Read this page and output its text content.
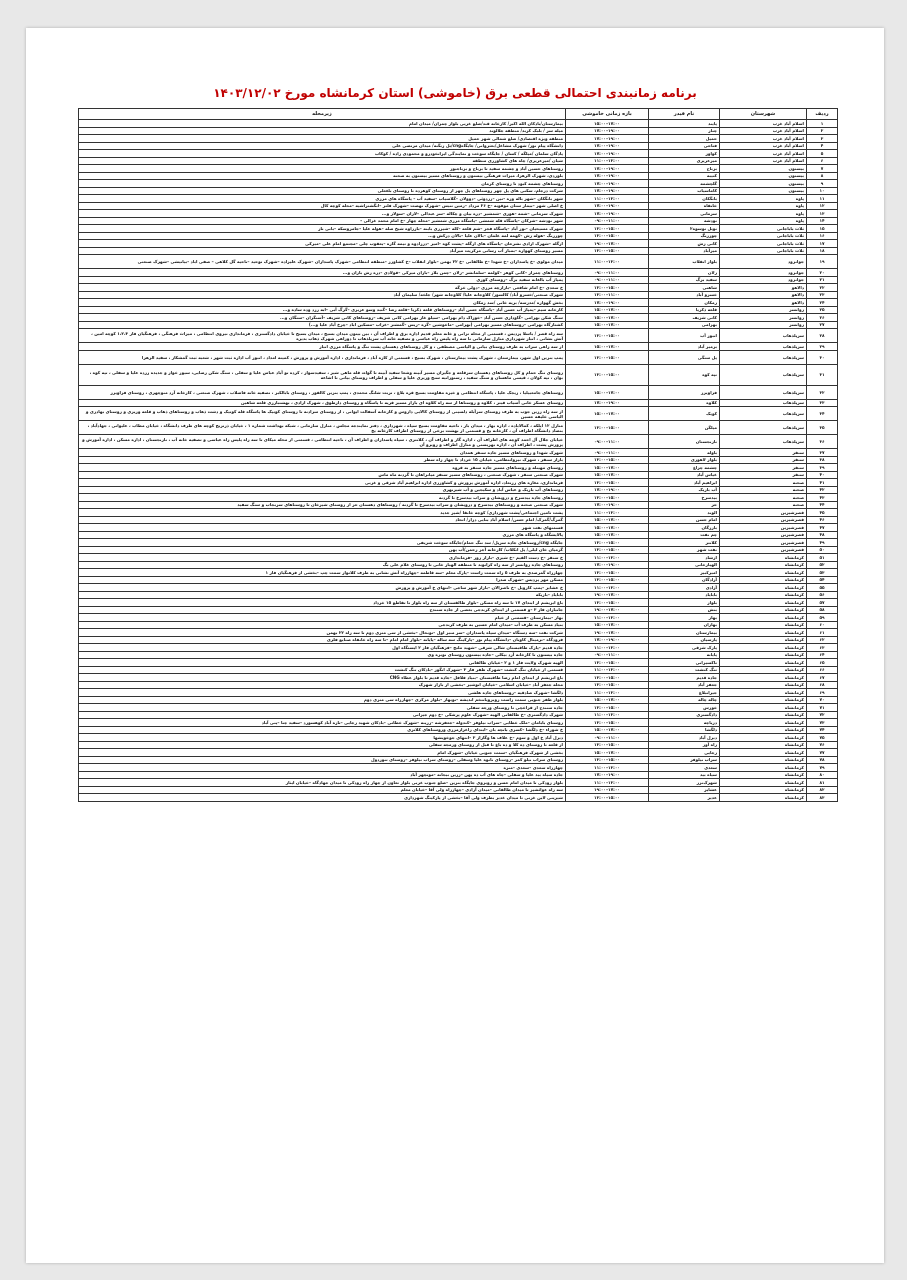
برنامه زمانبندی احتمالی قطعی برق (خاموشی) استان کرمانشاه مورخ ۱۴۰۳/۱۲/۰۲
ردیف	شهرستان	نام فیدر	بازه زمانی خاموشی	زیرمحله
۱	اسلام آباد غرب	پایند	۱۵:۰۰–۱۷:۰۰	بیمارستان/بادکان الله اکبر/ کارخانه قند/ضلع غربی بلوار چمران/ میدان امام
۲	اسلام آباد غرب	چنار	۱۷:۰۰–۱۹:۰۰	میله سر / بلبک کرند/ منطقه جلالوند
۳	اسلام آباد غرب	حمیل	۱۷:۰۰–۱۹:۰۰	منطقه ویژه اقتصادی/ ضلع شمالی شهر حمیل
۴	اسلام آباد غرب	فتاحی	۱۷:۰۰–۱۹:۰۰	دانشگاه پیام نور/ شهرک مشاغل/بعثروانی/ جایگاهcng/بل رنگنه/ میدان مرتضی علی
۵	اسلام آباد غرب	کواور	۱۷:۰۰–۱۹:۰۰	پادگان سلمان /میلگه / کسان / جایگاه سوخت و نمایندگی ایرانخودرو و محمودی زاده / کوکاب
۶	اسلام آباد غرب	میرعزیزی	۱۱:۰۰–۱۳:۰۰	شیان /میرعزیزی/ چاه های کشاورزی منطقه
۷	بیستون	برناج	۱۷:۰۰–۱۹:۰۰	روستاهای حسین آباد و چشمه سفید تا برناج و برناجبور
۸	بیستون	کتیبه	۱۷:۰۰–۱۹:۰۰	بلوردی، شهرک الزهرا، میرات فرهنگی بیستون و روستاهای مسیر بیستون به صحنه
۹	بیستون	گلچشمه	۱۷:۰۰–۱۹:۰۰	روستاهای چشمه کبود تا روستای کرمان
۱۰	بیستون	کاماسیاب	۱۷:۰۰–۱۹:۰۰	شرکت درجام، سکنی های پل چهر روستاهای پل چهر از روستای کوهرده تا روستای بلغعلی
۱۱	پاوه	بانگکان	۱۱:۰۰–۱۳:۰۰	شهر بانگکان –شهر باله وره –تین –زردوئی –دوولان –گلاسیاب –سفید آب – پاسگاه های مرزی
۱۲	پاوه	خانقاه	۱۷:۰۰–۱۹:۰۰	خ اصلی شهر –بیمار ستان موقوبه –خ ۲۶ مرداد –زمین تنیس –شهرک نهضت –شهرک فلتر –انگشتراشیه –محله کوچه کال
۱۳	پاوه	سرمانی	۱۷:۰۰–۱۹:۰۰	شهرک سرمانی –شمه –هوری –شمشیر –دره بیان و چکاله –سر عبدالی –لاران –سولار و...
۱۴	پاوه	نودشه	۰۹:۰۰–۱۱:۰۰	شهر نودشه –شرکان –پاسگاه قله شمشی –پاسگاه مرزی شمشیر –محله چهار –خ امام محمد غزالی –
۱۵	ثلاث باباجانی	نوبل توسوه۲	۱۳:۰۰–۱۵:۰۰	شهرک مسیحیان –نور آباد –پاسگاه فجر –شم قلعه –کله –شیرزی بابنه –بارزاوه شیخ صله –هوله علیا –جامروسکه –بانی نار
۱۶	ثلاث باباجانی	چورزنگ	۱۳:۰۰–۱۵:۰۰	چورزنگ –هوله رش –کهمه لمه غلمان –بالان علیا –بالان درکش و...
۱۷	ثلاث باباجانی	کانی رش	۱۹:۰۰–۱۷:۰۰	ازگله –شهرک ازادی نشرحان –پاسگاه های ازگله –پشت کوه –امیر –درزادوه و تیمه گاره –یعقوب چلی –مجتمع امام علی –میرکی
۱۸	ثلاث باباجانی	میرآباد	۱۳:۰۰–۱۵:۰۰	مسیر روستای کهواره –بمباز آب رسانی مرکزیت میرآباد
۱۹	جوانرود	بلوار انقلاب	۱۱:۰۰–۱۳:۰۰	میدان مولوی –خ پاسداران –خ شهدا –خ طالقانی –خ ۲۲ بهمن –بلوار انقلاب –خ کشاورز –منطقه انتظامی –شهرک پاسداران –شهرک علیزاده –شهرک توحید –ناحیه گل کلاهی – صفی اباد –بیانیشی –شهرک صنعتی
۲۰	جوانرود	زلان	۰۹:۰۰–۱۱:۰۰	روستاهای چمزار –کانی کوهر –کولمه –سلمانشر –زلان –چمن بلاز –باران میرکی –قولادی –دره رش باران و...
۲۱	جوانرود	سفید برگ	۰۹:۰۰–۱۱:۰۰	پمپاژ آب بالغانه سفید برگ –روستای کوری
۲۲	دالاهو	شاهنی	۱۳:۰۰–۱۵:۰۰	خ سعدی –خ امام شافعی –بازارچه مرزی –دولی خرگه
۲۳	دالاهو	خسرو آباد	۱۳:۰۰–۱۱:۰۰	شهرک صنعتی/خسرو آباد/ کالسور/ کلاوجانه علیا/ کلاوجانه شهر/ جلخه/ سلیمان آباد
۲۴	دالاهو	زمکان	۱۷:۰۰–۱۹:۰۰	بخش گهواره /مدرسه/ بریه خانی /سد زمکان
۲۵	روانسر	قلعه ذکریا	۱۵:۰۰–۱۷:۰۰	کارخانه سیم –پمپاژ آب حسن آباد –پاسگاه حسن آباد –روستاهای قلعه ذکریا –قلعه رضا –گنبد وسو عزیزی –گرگ آبی –ابه زرد وده ساده و...
۲۶	روانسر	کانی شریف	۱۵:۰۰–۱۷:۰۰	سنگ شکن بهرامی –گاوداری حسن آباد –خوراک دام بهرامی –سیلو غار بهرامی کانی شریف –روستاهای کانی شریف –آسنگران –سنگان و...
۲۷	روانسر	بهرامی	۱۵:۰۰–۱۷:۰۰	کشتارگاه بهرامی –روستاهای مسیر بهرامی (بهرامی –ماخوشین –گره –ریس –گمشتر –غراب –مسکین اباد –چرخ آباد علیا و...)
۲۸	سرپلذهاب	انبور آب	۱۳:۰۰–۱۵:۰۰	سه راه قصر / باسلا پردیس ، قسمتی از محله ترانی و خانه معلم قدیم اداره برق و اطراف آن ، بین بیتون میدان بسیج ، میدان بسیج تا خیابان دادگستری ، فرمانداری نیروی انتظامی ، میراث فرهنگی ، فرهنگیان فاز ۱،۲،۳ کوچه امین ، آتش نشانی ، انبار شهرداری منازل سازمانی تا سه راه پلیس راه عباسی و تصفیه خانه آب سرپلذهاب تا دوراهی شهرک ذهاب بدیره
۲۹	سرپلذهاب	بزمیر آباد	۱۵:۰۰–۱۷:۰۰	از سه راهی سراب به طرف روستای بیاتی و الیاسی مصطفی ، و کل روستاهای دهستان پشت تنگ و پاسگاه مرزی انبار
۳۰	سرپلذهاب	پل سنگی	۱۳:۰۰–۱۵:۰۰	پمپ بنزین اول شهر، بیمارستان ، شهرک پشت بیمارستان ، شهرک بسیج ، قسمتی از کاره آباد ، فرمانداری ، اداره آموزش و پرورش ، کمیته امداد ، انبور آب اداره ثبت شهر ، شعبه ثبت گمشکار ، سفید الرهرا
۳۱	سرپلذهاب	تپه کوه	۱۳:۰۰–۱۵:۰۰	روستای تنگ حمام و کل روستاهای دهستان سرقلعه و جگیران مسیر آبینه وشعا سفید آبینه تا گواه، قله ماهی شیر ، سفیدسوار ، کرده تو آباد عباس علیا و سفلی ، سنگ شکن رضایی، سیور خوار و جدیده زرده علیا و سفلی ، تپه کوه ، بوان ، تپه کولان ، قیسی ماهسان و سنگ سفید ، رستورانیه سنج وزیری علیا و سفلی و اطراف روستای بیاتی تا اشاعه
۳۲	سرپلذهاب	فراویزر	۱۵:۰۰–۱۷:۰۰	روستاهای جامعبیلیا ، ریجک علیا ، پاسگاه انتظامی و خیره مقاومت بسیج قره بلاغ ، تربت شلنگ محمدی ، پمپ بنزین کالقوز ، روستای بابالکبر ، تصفیه خانه فاضلاب ، شهرک صنعتی ، کارخانه آرد منوچهری ، روستای فراویزر
۳۳	سرپلذهاب	کلاوه	۱۷:۰۰–۱۹:۰۰	روستای عسکر خانی آسیاب قیتر ، کلاوه و روستاها از سه راه کلاوه ای بازار مسیر قریه تا پاسگاه و روستای دارطوق ، شهرک ازادی ، بهشتبارزی قلعه شاهین
۳۴	سرپلذهاب	کویک	۱۵:۰۰–۱۷:۰۰	از سه راه زرین جوب به طرف روستای سرآبله دلسینی از روستای کالایی داروس و کارخانه آسفالت ایوانی ، از روستای سرادنه تا روستای کوتیک ها پاسگاه قله کوتیک و دشت ذهاب و روستاهای ذهاب و قلعه وزیری و روستای بهادری و الیاسی خلیفه حسین
۳۵	سرپلذهاب	میلگن	۱۳:۰۰–۱۵:۰۰	منازل ۱۲ ایلکه ، کمالاباده ، اداره بهار ، میدان بار ، ناحیه مقاومت بسیج سپاه ، شهرداری ، دفتر نمایندجه مجلس ، منازل سازمانی ، شبکه بهداشت شماره ۱ ، خیابان ذرتریج کوچه های طرف دانشگاه ، خیابان مطاب ، علیوانی ، جهادآباد ، بتضاد دانشگاه اطراف آن ، کارخانه یخ و قسمتی از بهشت برخی از روستای اطراف کارخانه یخ
۳۶	سرپلذهاب	نارنجستان	۰۹:۰۰–۱۱:۰۰	خیابان جلال آل احمد کوچه های اطراف آن ، اداره گاز و اطراف آن ، کلانتری ، سپاه پاسداران و اطراف آن ، ناحیه انتظامی ، قسمتی از محله میکای تا سه راه پلیس راه عباسی و تصفیه خانه آب ، نارنجستان ، اداره مسکن ، اداره آموزش و پرورش پشت ، اطراف آن ، اداره بهزیستی و منازل اطراف و روبرو آن
۳۷	سنقر	باوله	۰۹:۰۰–۱۱:۰۰	شهرک شهدا و روستاهای مسیر جاده سنقر همدان
۳۸	سنقر	بلوار لاهوری	۱۳:۰۰–۱۵:۰۰	بازار سنقر ، شهرک نیروانتظامی، خیابان ۱۵ خرداد تا چهار راه سطر
۳۹	سنقر	چشمه چراغ	۱۵:۰۰–۱۷:۰۰	روستای مهینله و روستاهای مسیر جاده سنقر به قروه
۴۰	سنقر	غیاس آباد	۱۵:۰۰–۱۷:۰۰	شهرک صنعتی سنقر ، شهرک صنعتی ، روستاهای مسیر سنقر میانراهان تا گردنه ماه ماس
۴۱	صحنه	ابراهیم آباد	۱۳:۰۰–۱۵:۰۰	فرمانداری، مغازه های زرتعاد، اداره آموزش پرورش و کشاورزی اداره ابراهیم آباد شرقی و غربی
۴۲	صحنه	آب باریک	۱۷:۰۰–۱۹:۰۰	روستاهای آب باریک و عباس آباد و سکیجین و آب شیرنهری
۴۳	صحنه	بیدسرخ	۱۳:۰۰–۱۵:۰۰	روستاهای جاده بیدسرخ و دروپشان و سراب بیدسرخ تا گردنه
۴۴	صحنه	حر	۱۷:۰۰–۱۹:۰۰	شهرک صنعتی صحنه و روستاهای بیدسرخ و دروپشان و سراب بیدسرخ تا گردنه / روستاهای دهستان حر از روستای شیرخان تا روستاهای سرنجاب و سنگ سفید
۴۵	قصرشیرین	الوند	۱۱:۰۰–۱۳:۰۰	پشت تامین اجتماعی/پشت شهرداری/ کوچه خانقا /شیر جدید
۴۶	قصرشیرین	امام حسن	۱۵:۰۰–۱۷:۰۰	گمرگ/گمرک/ امام حسن/ اسلام آباد بنایی دراز/ اتحاد
۴۷	قصرشیرین	بازرگان	۱۵:۰۰–۱۷:۰۰	قسمتهای نفت شهر
۴۸	قصرشیرین	چم نفت	۱۵:۰۰–۱۷:۰۰	پالایشگاه و پاسگاه های مرزی
۴۹	قصرشیرین	کلانتر	۱۳:۰۰–۱۵:۰۰	جایگاه cng/روستاهای جاده سرپل/ سد تنگ حمام/جایگاه سوخت شریفی
۵۰	قصرشیرین	نفت شهر	۱۳:۰۰–۱۵:۰۰	گرمیان خان لیلی/ پل انکلاب/ کارخانه آجر رحمن/آب پهن
۵۱	کرمانشاه	ارشاد	۱۱:۰۰–۱۳:۰۰	خ سنقر –خ دست القیم –خ شیری –بازار روز –فرمانداری
۵۲	کرمانشاه	الهیارخانی	۱۷:۰۰–۱۹:۰۰	روستاهای جاده روانسر از سه راه کرانوند تا منطقه الهیار خانی تا روستای غلام علی بگ
۵۳	کرمانشاه	امیرکبیر	۱۳:۰۰–۱۵:۰۰	چهارراه گمرصدی به طرف ۵ راه سمت راست –پارک معلم –سه قاطمه –چهارراه آتش نشانی به طرف کلاتوار سمت چپ –بخشی از فرهنگیان فاز ۱
۵۴	کرمانشاه	آزادگان	۱۳:۰۰–۱۵:۰۰	مسکن مهر پردیس –شهرک صدرا
۵۵	کرمانشاه	آزادی	۱۱:۰۰–۱۳:۰۰	خ عشایر –پمپ کارویل –خ ناصرالان –بازار شهر ساجی –انتهای خ آموزش و پرورش
۵۶	کرمانشاه	بابایاد	۱۹:۰۰–۱۷:۰۰	بابایاد –باریکه
۵۷	کرمانشاه	بلوار	۱۳:۰۰–۱۵:۰۰	باغ ابریشم از ابتدای ۱۷ تا سه راه مسکن –بلوار طالقستان از سه راه بلوار تا تقاطع ۱۵ خرداد
۵۸	کرمانشاه	بنش	۱۹:۰۰–۱۷:۰۰	جانبازان فاز ۳ –و قسمتی از ابتدای کرندجی بعضی از جاده سنندج
۵۹	کرمانشاه	بهار	۱۱:۰۰–۱۳:۰۰	بهار –بیمارستان –قسمتی از خیام
۶۰	کرمانشاه	بهاران	۱۵:۰۰–۱۷:۰۰	بنیاد مسکن به طرف آب –میدان امام حسین به طرف کرندجی
۶۱	کرمانشاه	بیمارستان	۱۹:۰۰–۱۷:۰۰	شرکت نفت –سه دستگاه –میدان سپاه پاسداران –سر منبر اول –تونحال –بخشی از سی متری دوم تا سه راه ۲۲ بهمن
۶۲	کرمانشاه	پارسیان	۱۷:۰۰–۱۹:۰۰	فرودگاه –ترمینال کاوبان –دانشگاه پیام نور –پارکینگ سه ساله –پایانه –بلوار امام امام –تا سه راه خانقاه صنایع فلزی
۶۳	کرمانشاه	پارک شرقی	۱۱:۰۰–۱۳:۰۰	جاده قدیم –پارک طاقبستان شالی شرقی –شهید ملتح –فرهنگیان فاز ۲ ایستگاه اول
۶۴	کرمانشاه	پایانه	۰۹:۰۰–۱۱:۰۰	جاده بیستون تا کارخانه آرد بیکلی –جاده بیستون روستای نوبره وی
۶۵	کرمانشاه	تاکسیرانی	۱۳:۰۰–۱۵:۰۰	الهیه شهرک ولایت فاز ۱ و ۲ –خیابان طالقانی
۶۶	کرمانشاه	تنگ کنشت	۱۱:۰۰–۱۳:۰۰	قسمتی از خیابان تنگ کنشت –شهرک ظفر فاز ۳ –شهرک انگور –بادکان تنگ کنشت
۶۷	کرمانشاه	جاده قدیم	۱۳:۰۰–۱۵:۰۰	باغ ابریشم از ابتدای امام رضا طاقبستان –بنیاد فلافل –جاده قدیم تا بلوار عطاء CNG
۶۸	کرمانشاه	جعفر آباد	۱۳:۰۰–۱۵:۰۰	محله جعفر آباد –خیابان اسلامی –خیابان انوشیر –بخشی از بازار شهرک
۶۹	کرمانشاه	جیرانبلاغ	۱۱:۰۰–۱۳:۰۰	دلگشا –شهرک صادقیه –روستاهای جاده هلشی
۷۰	کرمانشاه	چاله چاله	۱۵:۰۰–۱۷:۰۰	بلوار ظفر جنوبی سمت راست روبرویانتخم اندیشه –نوبهار –بلوار مرکزی –چهارراه سی متری دوم
۷۱	کرمانشاه	خورس	۱۳:۰۰–۱۵:۰۰	جاده سنندج از قراخچی تا روستای ورجه سفلی
۷۲	کرمانشاه	دادگستری	۱۱:۰۰–۱۳:۰۰	شهرک دادگستری –خ طالقانی الهیه –شهرک علوم پزشکی –خ دوم جیرانی
۷۳	کرمانشاه	دریاچه	۱۳:۰۰–۱۵:۰۰	روستای بابامان –ملک خطابی –سراب نیلوفر –کندوله –جعفرشه –زرینه –شهرک خطاتی –بادکان شهید رجایی –تازه آباد کوهسوزد –سفید چنا –پنی آباد
۷۴	کرمانشاه	دلگشا	۱۵:۰۰–۱۷:۰۰	خ شوراء –خ دلگشا –کسری بانچه بان –ابتدای زاغزارمرزی وروستاهای کلاتری
۷۵	کرمانشاه	دیزل آباد	۰۹:۰۰–۱۱:۰۰	دیزل آباد خ اول و سوم –خ علاف ها وگاراژ ۳ –انتهای جوخویشها
۷۶	کرمانشاه	راه آور	۱۳:۰۰–۱۵:۰۰	از قلعه تا روستای ده کلا و ده باغ تا قبل از روستای ورمجه سفلی
۷۷	کرمانشاه	رجایی	۱۵:۰۰–۱۷:۰۰	بخشی از شهرک فرهنگیان –سمت جنوبی خیابان –شهرک امام
۷۸	کرمانشاه	سراب نیلوفر	۱۳:۰۰–۱۵:۰۰	روستای سراب نیلو کمر –روستای نانوه علیا وسفلی –روستای سراب نیلوفر –روستای تنوردول
۷۹	کرمانشاه	سعدی	۱۱:۰۰–۱۳:۰۰	چهارراه سعدی –سعدی –منزه
۸۰	کرمانشاه	سیاه بید	۱۷:۰۰–۱۹:۰۰	جاده سیاه بید علیا و سفلی –چاه های آب ده پهن –زرین بیجانه –مونچهر آباد
۸۱	کرمانشاه	شهرک‌نرز	۱۱:۰۰–۱۳:۰۰	بلوار رودکی تا میدان امام حسن و روبروی جایگاه بنزین –ضلع جنوب غربی بلوار تعاون از چهار راه رودکی تا میدان جهادگاه –خیابان ایثار
۸۲	کرمانشاه	عشایر	۱۹:۰۰–۱۷:۰۰	سه راه عوائشیر تا میدان طالقانی –میدان آزادی –چهارراه ولی آقا –خیابان معلم
۸۳	کرمانشاه	عدیر	۱۳:۰۰–۱۵:۰۰	شیرینی لاین غربی تا میدان غدیر بطرف ولی آقا –بخشی از پارکینگ شهرداری
